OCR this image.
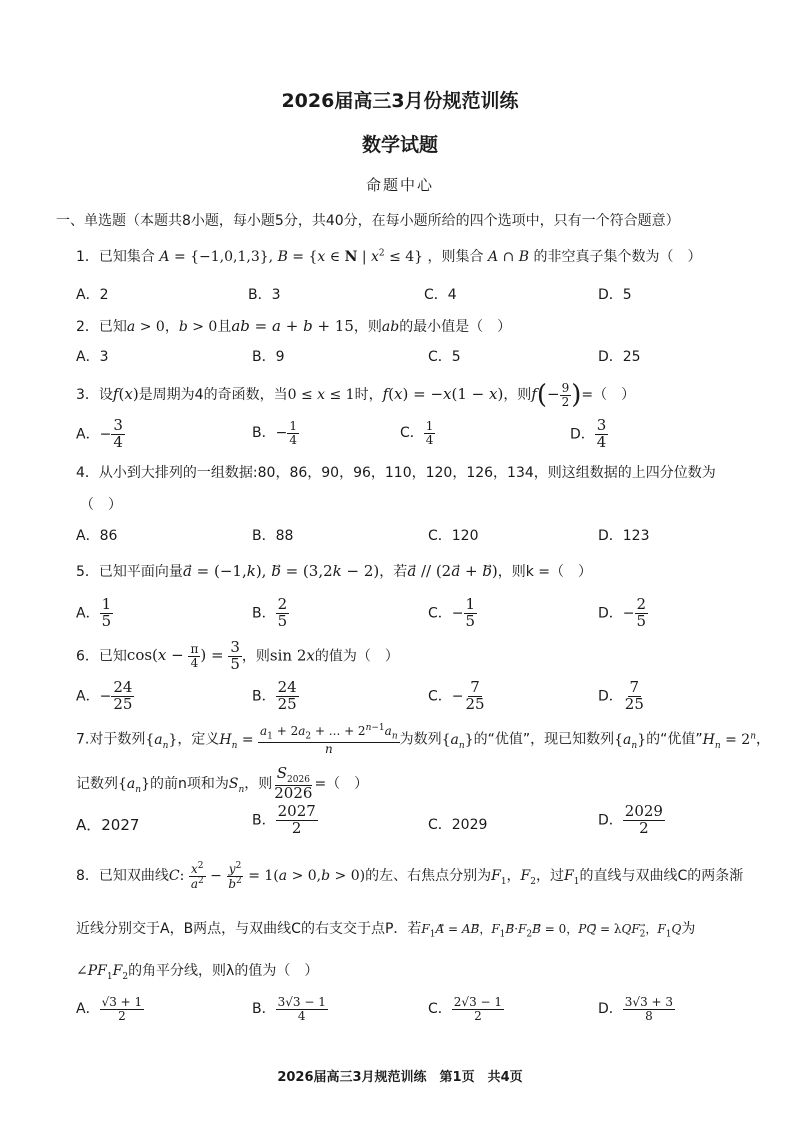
2026届高三3月份规范训练
数学试题
命题中心
一、单选题（本题共8小题，每小题5分，共40分，在每小题所给的四个选项中，只有一个符合题意）
1．已知集合 A = {−1,0,1,3}, B = {x ∈ N | $x^2 \le 4$} ，则集合 A ∩ B 的非空真子集个数为（　）
A．2	B．3	C．4	D．5
2．已知a > 0，b > 0且ab = a + b + 15，则ab的最小值是（　）
A．3	B．9	C．5	D．25
3．设f(x)是周期为4的奇函数，当0 ≤ x ≤ 1时，f(x) = −x(1 − x)，则$f(- \frac{9}{2}$ )=（　）
A．− $\frac{3}{4}$	B．− $\frac{1}{4}$	C． $\frac{1}{4}$	D． $\frac{3}{4}$
4．从小到大排列的一组数据:80，86，90，96，110，120，126，134，则这组数据的上四分位数为
（　）
A．86	B．88	C．120	D．123
5．已知平面向量a⃗ = (−1,k), b⃗ = (3,2k − 2)，若a⃗ // (2a⃗ + b⃗)，则k =（　）
A． $\frac{1}{5}$	B． $\frac{2}{5}$	C．− $\frac{1}{5}$	D．− $\frac{2}{5}$
6．已知$\cos(x - \frac{\pi}{4}$ ) = $\frac{3}{5}$ ，则sin 2x的值为（　）
A．− $\frac{24}{25}$	B． $\frac{24}{25}$	C．− $\frac{7}{25}$	D． $\frac{7}{25}$
7.对于数列$\{a_n\}$，定义$H_n = \frac{a_1 + 2a_2 + ... + 2^{n-1}a_n}{n}$ 为数列$\{a_n\}$的“优值”，现已知数列$\{a_n\}$的“优值$”H_n = 2^n$，
记数列$\{a_n\}$的前n项和为$S_n$，则 $\frac{S_{2026}}{2026}$ =（　）
A．2027	B． $\frac{2027}{2}$	C．2029	D． $\frac{2029}{2}$
8．已知双曲线C: $\frac{x^2}{a^2} - \frac{y^2}{b^2} = 1(a > 0,b > 0)$的左、右焦点分别为$F_1$，$F_2$，过$F_1$的直线与双曲线C的两条渐
近线分别交于A，B两点，与双曲线C的右支交于点P．若$F_1A⃗$ = AB⃗，$F_1B⃗\cdot F_2B⃗ = 0$，PQ⃗ = λQF$_2$⃗，$F_1Q$为
$\angle PF_1F_2$的角平分线，则λ的值为（　）
A． $\frac{√3 + 1}{2}$	B． $\frac{3√3 - 1}{4}$	C． $\frac{2√3 - 1}{2}$	D． $\frac{3√3 + 3}{8}$
2026届高三3月规范训练　第1页　共4页
